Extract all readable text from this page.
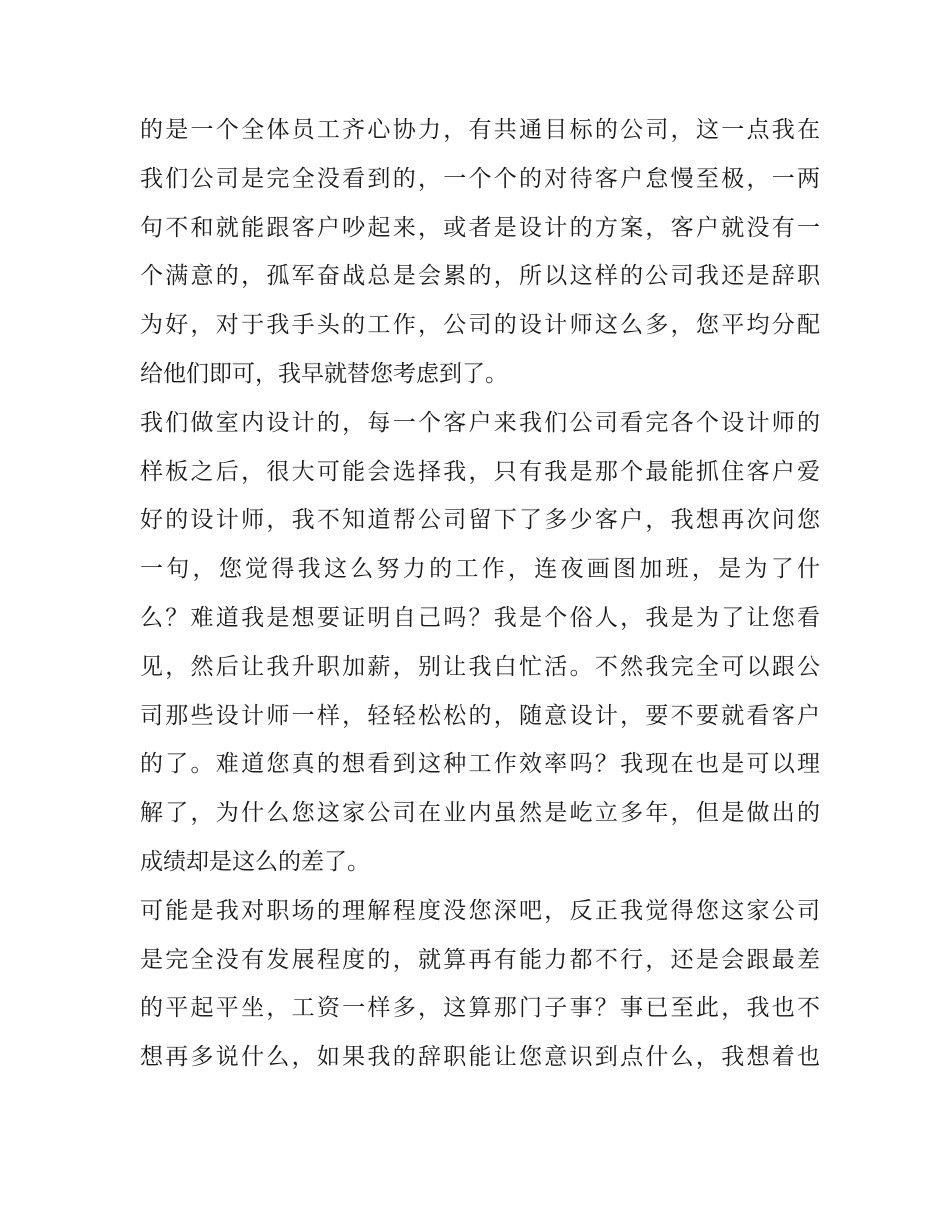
的是一个全体员工齐心协力，有共通目标的公司，这一点我在
我们公司是完全没看到的，一个个的对待客户怠慢至极，一两
句不和就能跟客户吵起来，或者是设计的方案，客户就没有一
个满意的，孤军奋战总是会累的，所以这样的公司我还是辞职
为好，对于我手头的工作，公司的设计师这么多，您平均分配
给他们即可，我早就替您考虑到了。
我们做室内设计的，每一个客户来我们公司看完各个设计师的
样板之后，很大可能会选择我，只有我是那个最能抓住客户爱
好的设计师，我不知道帮公司留下了多少客户，我想再次问您
一句，您觉得我这么努力的工作，连夜画图加班，是为了什
么？难道我是想要证明自己吗？我是个俗人，我是为了让您看
见，然后让我升职加薪，别让我白忙活。不然我完全可以跟公
司那些设计师一样，轻轻松松的，随意设计，要不要就看客户
的了。难道您真的想看到这种工作效率吗？我现在也是可以理
解了，为什么您这家公司在业内虽然是屹立多年，但是做出的
成绩却是这么的差了。
可能是我对职场的理解程度没您深吧，反正我觉得您这家公司
是完全没有发展程度的，就算再有能力都不行，还是会跟最差
的平起平坐，工资一样多，这算那门子事？事已至此，我也不
想再多说什么，如果我的辞职能让您意识到点什么，我想着也
